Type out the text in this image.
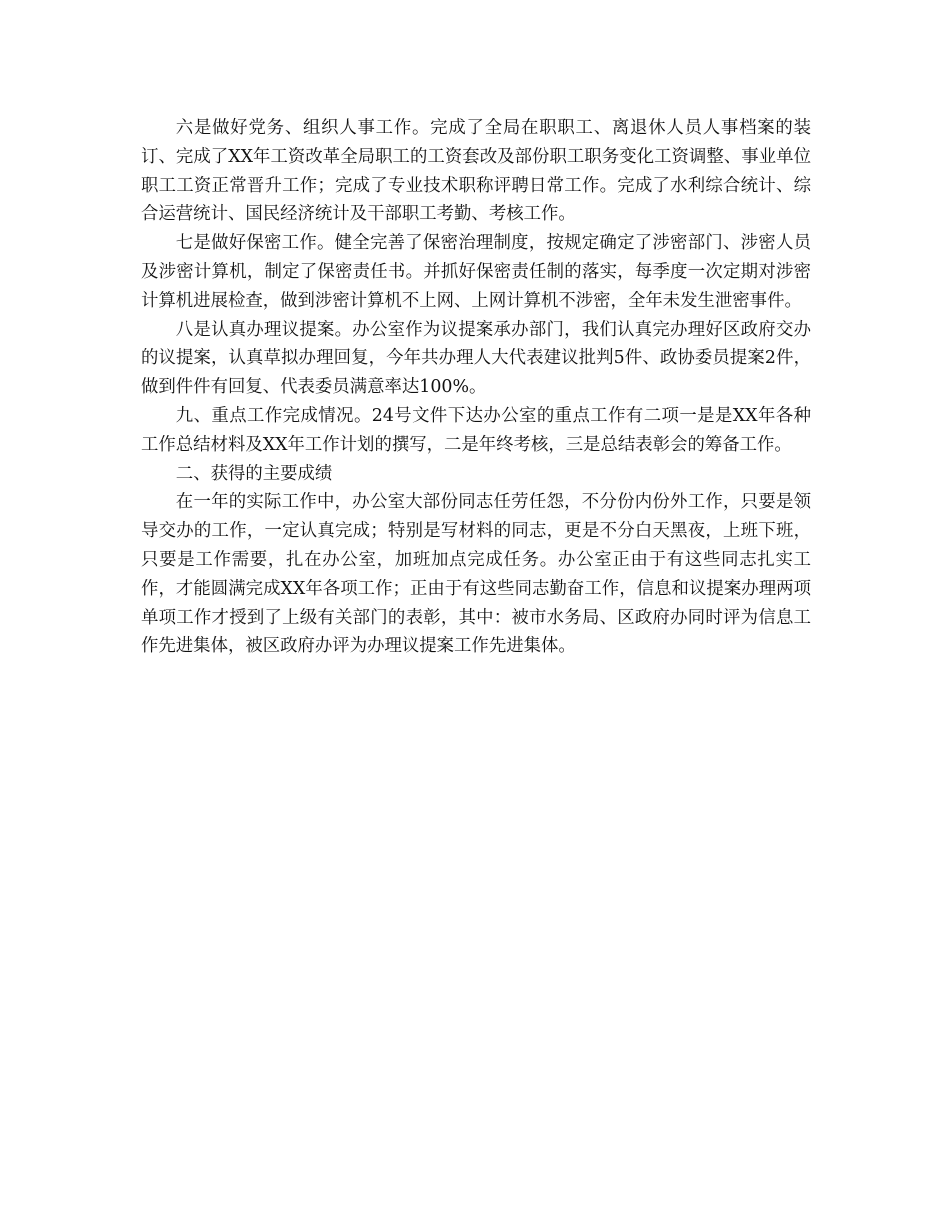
六是做好党务、组织人事工作。完成了全局在职职工、离退休人员人事档案的装订、完成了XX年工资改革全局职工的工资套改及部份职工职务变化工资调整、事业单位职工工资正常晋升工作；完成了专业技术职称评聘日常工作。完成了水利综合统计、综合运营统计、国民经济统计及干部职工考勤、考核工作。

七是做好保密工作。健全完善了保密治理制度，按规定确定了涉密部门、涉密人员及涉密计算机，制定了保密责任书。并抓好保密责任制的落实，每季度一次定期对涉密计算机进展检查，做到涉密计算机不上网、上网计算机不涉密，全年未发生泄密事件。

八是认真办理议提案。办公室作为议提案承办部门，我们认真完办理好区政府交办的议提案，认真草拟办理回复，今年共办理人大代表建议批判5件、政协委员提案2件，做到件件有回复、代表委员满意率达100%。

九、重点工作完成情况。24号文件下达办公室的重点工作有二项一是是XX年各种工作总结材料及XX年工作计划的撰写，二是年终考核，三是总结表彰会的筹备工作。

二、获得的主要成绩

在一年的实际工作中，办公室大部份同志任劳任怨，不分份内份外工作，只要是领导交办的工作，一定认真完成；特别是写材料的同志，更是不分白天黑夜，上班下班，只要是工作需要，扎在办公室，加班加点完成任务。办公室正由于有这些同志扎实工作，才能圆满完成XX年各项工作；正由于有这些同志勤奋工作，信息和议提案办理两项单项工作才授到了上级有关部门的表彰，其中：被市水务局、区政府办同时评为信息工作先进集体，被区政府办评为办理议提案工作先进集体。
